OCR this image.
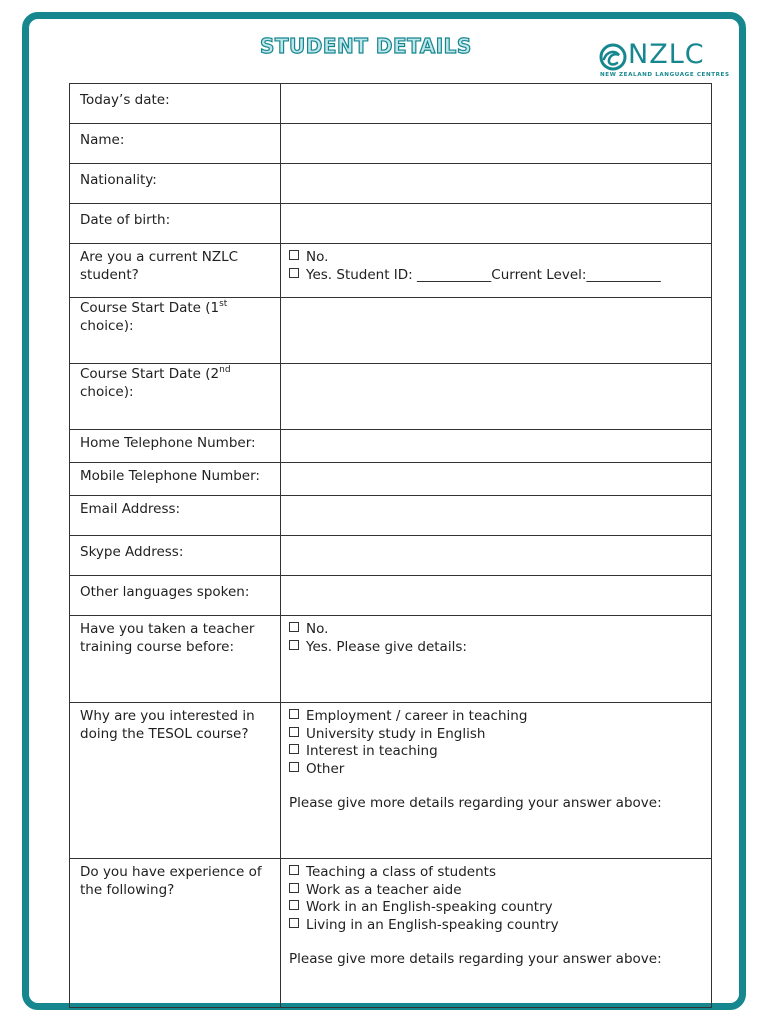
STUDENT DETAILS	NZLC
NEW ZEALAND LANGUAGE CENTRES
Today’s date:	
Name:	
Nationality:	
Date of birth:	

Are you a current NZLC
student?	No.
Yes. Student ID: ___________Current Level:___________

Course Start Date (1st
choice):	
Course Start Date (2nd
choice):	
Home Telephone Number:	
Mobile Telephone Number:	
Email Address:	
Skype Address:	
Other languages spoken:	

Have you taken a teacher
training course before:	No.
Yes. Please give details:

Why are you interested in
doing the TESOL course?	Employment / career in teaching
University study in English
Interest in teaching
Other
Please give more details regarding your answer above:

Do you have experience of
the following?	Teaching a class of students
Work as a teacher aide
Work in an English-speaking country
Living in an English-speaking country
Please give more details regarding your answer above:
